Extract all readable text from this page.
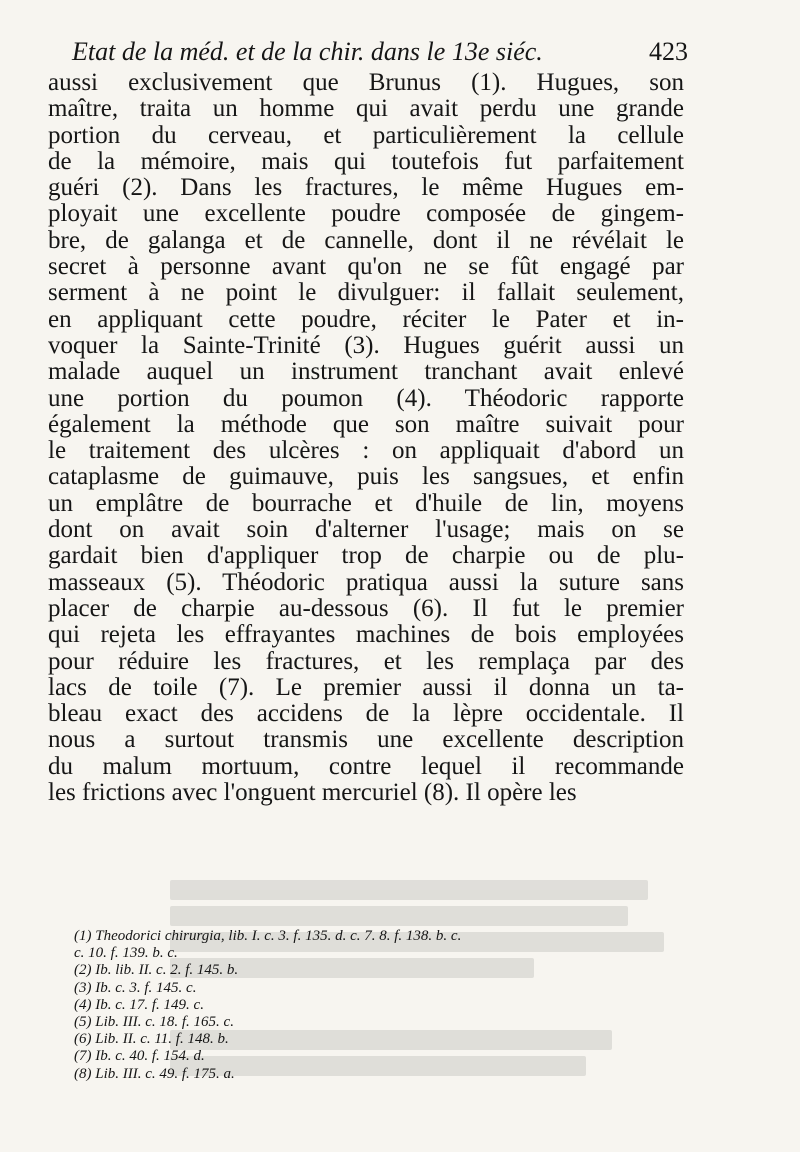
Etat de la méd. et de la chir. dans le 13e siéc.	423
aussi exclusivement que Brunus (1). Hugues, son
maître, traita un homme qui avait perdu une grande
portion du cerveau, et particulièrement la cellule
de la mémoire, mais qui toutefois fut parfaitement
guéri (2). Dans les fractures, le même Hugues em-
ployait une excellente poudre composée de gingem-
bre, de galanga et de cannelle, dont il ne révélait le
secret à personne avant qu'on ne se fût engagé par
serment à ne point le divulguer: il fallait seulement,
en appliquant cette poudre, réciter le Pater et in-
voquer la Sainte-Trinité (3). Hugues guérit aussi un
malade auquel un instrument tranchant avait enlevé
une portion du poumon (4). Théodoric rapporte
également la méthode que son maître suivait pour
le traitement des ulcères : on appliquait d'abord un
cataplasme de guimauve, puis les sangsues, et enfin
un emplâtre de bourrache et d'huile de lin, moyens
dont on avait soin d'alterner l'usage; mais on se
gardait bien d'appliquer trop de charpie ou de plu-
masseaux (5). Théodoric pratiqua aussi la suture sans
placer de charpie au-dessous (6). Il fut le premier
qui rejeta les effrayantes machines de bois employées
pour réduire les fractures, et les remplaça par des
lacs de toile (7). Le premier aussi il donna un ta-
bleau exact des accidens de la lèpre occidentale. Il
nous a surtout transmis une excellente description
du malum mortuum, contre lequel il recommande
les frictions avec l'onguent mercuriel (8). Il opère les
(1) Theodorici chirurgia, lib. I. c. 3. f. 135. d. c. 7. 8. f. 138. b. c.
c. 10. f. 139. b. c.
(2) Ib. lib. II. c. 2. f. 145. b.
(3) Ib. c. 3. f. 145. c.
(4) Ib. c. 17. f. 149. c.
(5) Lib. III. c. 18. f. 165. c.
(6) Lib. II. c. 11. f. 148. b.
(7) Ib. c. 40. f. 154. d.
(8) Lib. III. c. 49. f. 175. a.
